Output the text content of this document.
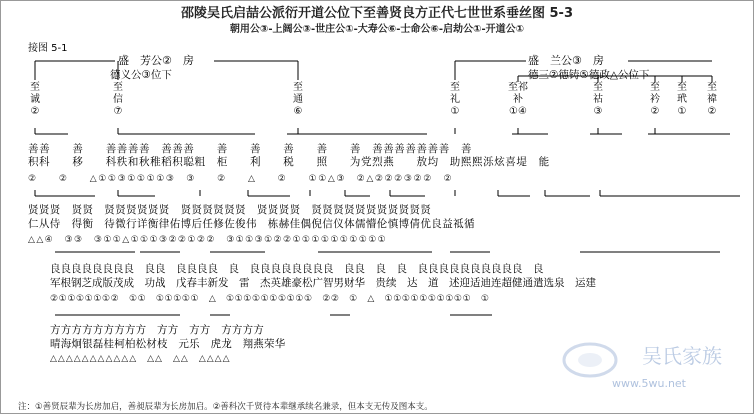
邵陵吴氏启喆公派衍开道公位下至善贤良方正代七世世系垂丝图 5-3
朝用公③-上阔公③-世庄公①-大寿公⑥-士命公⑥-启劫公①-开道公①
接图 5-1
盛　芳公②　房
德义公③位下
盛　兰公③　房
德三②德铸⑤德政△公位下
至诚
②
至信
⑦
至通
⑥
至礼
①
至祁补
①④
至祜
③
至衿
②
至玳
①
至禕
②
善善　　善　　善善善善　善善善　　善　　善　　善　　善　　善　善善善善善善善　善
积科　　移　　科秩和秋稚稻积聪粗　柜　　利　　税　　照　　为党烈燕　　敖均　助熙熙泺炫喜堤　能
②　　②　　△①①③①①①①③　③　　②　　△　　②　　①①△③　②△②②②③②②　②
贤贤贤　贤贤　贤贤贤贤贤贤　贤贤贤贤贤贤　贤贤贤贤　贤贤贤贤贤贤贤贤贤贤贤
仁从侍　得衡　待微行详衡律佑博后任修佐俊伟　栋赫佳偶倪信仪体儒懵伦慎博倩优良益祗循
△△④　③③　③①①△①①①③②②①②②　③①①③①②②①①①①①①①①①①
良良良良良良良良　良良　良良良良　良　良良良良良良良良　良良　良　良　良良良良良良良良良良　良
军根钢芝成版茂成　功战　戊春丰新发　雷　杰英雄豪松广智男财华　贵续　达　道　述迎适迪连超健通遣选泉　运建
②①①①①①①②　①①　①①①①①　△　①①①①①①①①①①　②②　①　△　①①①①①①①①①①　①
方方方方方方方方方　方方　方方　方方方方
晴海炯银磊桂柯柏松材枝　元乐　虎龙　翔燕荣华
△△△△△△△△△△△　△△　△△　△△△△	吴氏家族
www.5wu.net
注：①善贤辰辈为长房加启，善昶辰辈为长房加启。②善科次千贤待本辈继承续名兼录，但本支无传及图本支。
